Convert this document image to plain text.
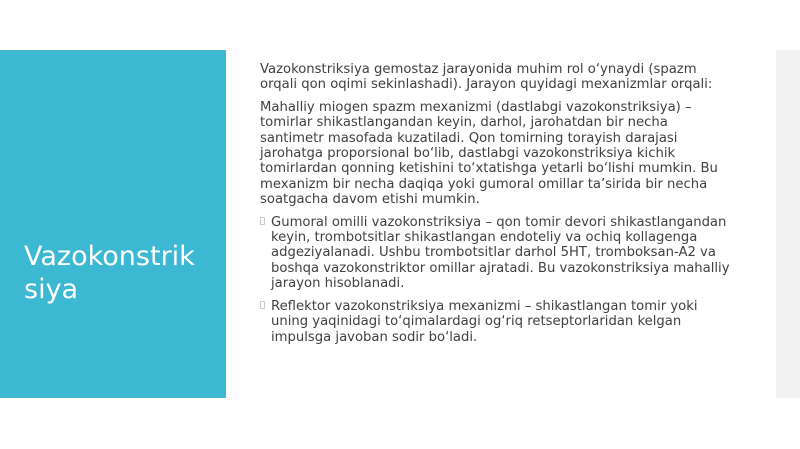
Vazokonstriksiya

Vazokonstriksiya gemostaz jarayonida muhim rol o‘ynaydi (spazm orqali qon oqimi sekinlashadi). Jarayon quyidagi mexanizmlar orqali:

Mahalliy miogen spazm mexanizmi (dastlabgi vazokonstriksiya) – tomirlar shikastlangandan keyin, darhol, jarohatdan bir necha santimetr masofada kuzatiladi. Qon tomirning torayish darajasi jarohatga proporsional bo‘lib, dastlabgi vazokonstriksiya kichik tomirlardan qonning ketishini to‘xtatishga yetarli bo‘lishi mumkin. Bu mexanizm bir necha daqiqa yoki gumoral omillar ta’sirida bir necha soatgacha davom etishi mumkin.

Gumoral omilli vazokonstriksiya – qon tomir devori shikastlangandan keyin, trombotsitlar shikastlangan endoteliy va ochiq kollagenga adgeziyalanadi. Ushbu trombotsitlar darhol 5HT, tromboksan-A2 va boshqa vazokonstriktor omillar ajratadi. Bu vazokonstriksiya mahalliy jarayon hisoblanadi.
Reflektor vazokonstriksiya mexanizmi – shikastlangan tomir yoki uning yaqinidagi to‘qimalardagi og‘riq retseptorlaridan kelgan impulsga javoban sodir bo‘ladi.
